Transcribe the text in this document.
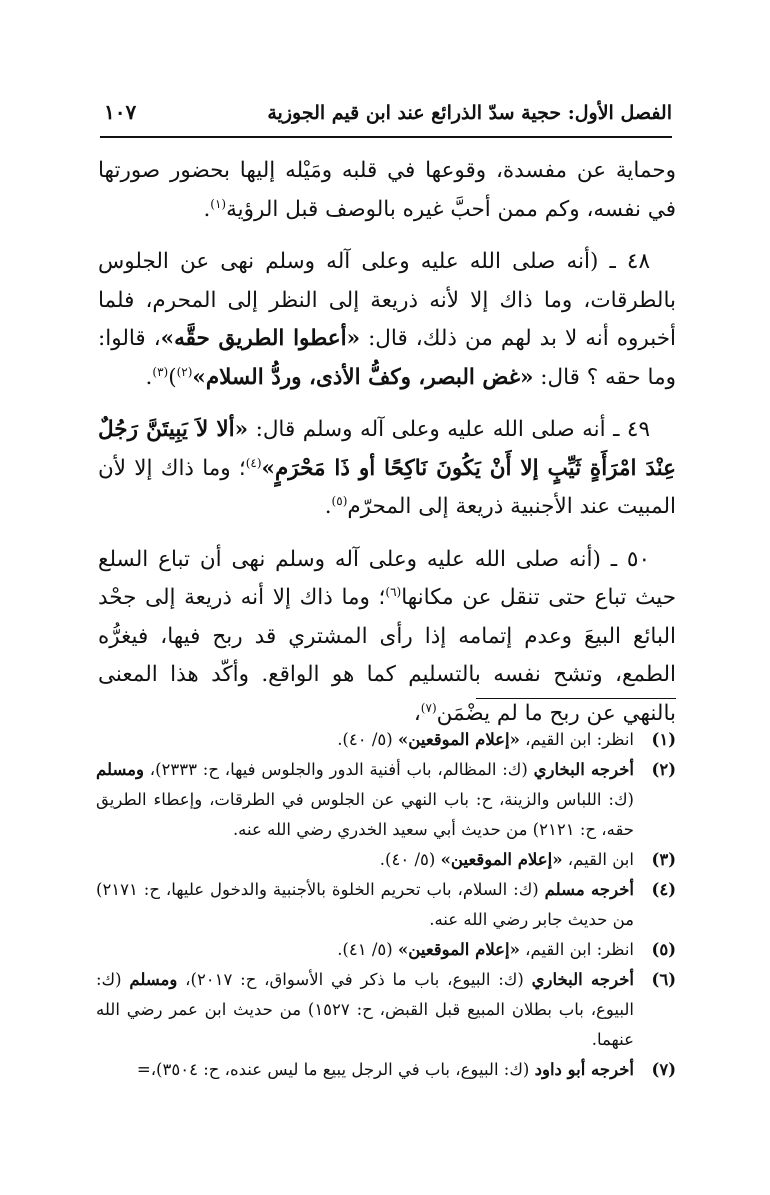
الفصل الأول: حجية سدّ الذرائع عند ابن قيم الجوزية
١٠٧

وحماية عن مفسدة، وقوعها في قلبه ومَيْله إليها بحضور صورتها في نفسه، وكم ممن أحبَّ غيره بالوصف قبل الرؤية$^{(١)}$.

٤٨ ـ (أنه صلى الله عليه وعلى آله وسلم نهى عن الجلوس بالطرقات، وما ذاك إلا لأنه ذريعة إلى النظر إلى المحرم، فلما أخبروه أنه لا بد لهم من ذلك، قال: «أعطوا الطريق حقَّه»، قالوا: وما حقه ؟ قال: «غض البصر، وكفُّ الأذى، وردُّ السلام»$^{(٢)}$)$^{(٣)}$.

٤٩ ـ أنه صلى الله عليه وعلى آله وسلم قال: «ألا لاَ يَبِيتَنَّ رَجُلٌ عِنْدَ امْرَأَةٍ ثَيِّبٍ إلا أَنْ يَكُونَ نَاكِحًا أو ذَا مَحْرَمٍ»$^{(٤)}$؛ وما ذاك إلا لأن المبيت عند الأجنبية ذريعة إلى المحرّم$^{(٥)}$.

٥٠ ـ (أنه صلى الله عليه وعلى آله وسلم نهى أن تباع السلع حيث تباع حتى تنقل عن مكانها$^{(٦)}$؛ وما ذاك إلا أنه ذريعة إلى جحْد البائع البيعَ وعدم إتمامه إذا رأى المشتري قد ربح فيها، فيغرُّه الطمع، وتشح نفسه بالتسليم كما هو الواقع. وأكّد هذا المعنى بالنهي عن ربح ما لم يضْمَن$^{(٧)}$،

(١)
انظر: ابن القيم، «إعلام الموقعين» (٥/ ٤٠).
(٢)
أخرجه البخاري (ك: المظالم، باب أفنية الدور والجلوس فيها، ح: ٢٣٣٣)، ومسلم (ك: اللباس والزينة، ح: باب النهي عن الجلوس في الطرقات، وإعطاء الطريق حقه، ح: ٢١٢١) من حديث أبي سعيد الخدري رضي الله عنه.
(٣)
ابن القيم، «إعلام الموقعين» (٥/ ٤٠).
(٤)
أخرجه مسلم (ك: السلام، باب تحريم الخلوة بالأجنبية والدخول عليها، ح: ٢١٧١) من حديث جابر رضي الله عنه.
(٥)
انظر: ابن القيم، «إعلام الموقعين» (٥/ ٤١).
(٦)
أخرجه البخاري (ك: البيوع، باب ما ذكر في الأسواق، ح: ٢٠١٧)، ومسلم (ك: البيوع، باب بطلان المبيع قبل القبض، ح: ١٥٢٧) من حديث ابن عمر رضي الله عنهما.
(٧)
أخرجه أبو داود (ك: البيوع، باب في الرجل يبيع ما ليس عنده، ح: ٣٥٠٤)،=
